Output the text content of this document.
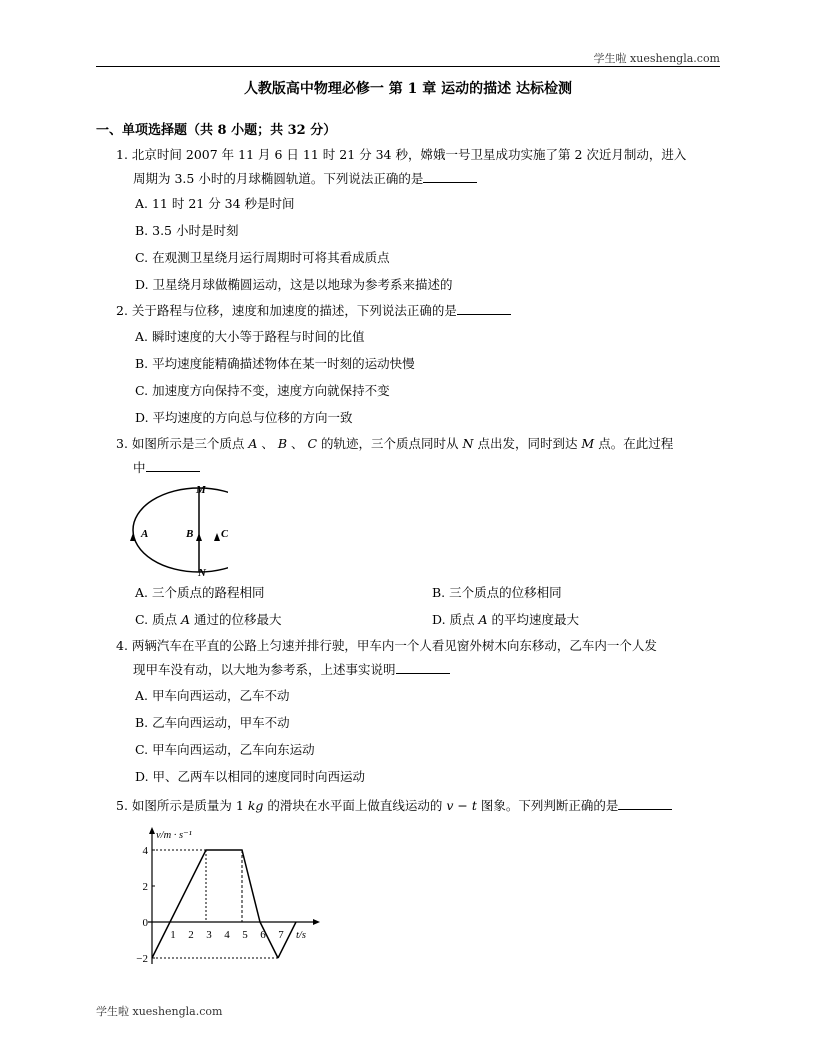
学生啦 xueshengla.com
人教版高中物理必修一 第 1 章 运动的描述 达标检测
一、单项选择题（共 8 小题；共 32 分）
1. 北京时间 2007 年 11 月 6 日 11 时 21 分 34 秒，嫦娥一号卫星成功实施了第 2 次近月制动，进入
周期为 3.5 小时的月球椭圆轨道。下列说法正确的是
A. 11 时 21 分 34 秒是时间
B. 3.5 小时是时刻
C. 在观测卫星绕月运行周期时可将其看成质点
D. 卫星绕月球做椭圆运动，这是以地球为参考系来描述的
2. 关于路程与位移，速度和加速度的描述，下列说法正确的是
A. 瞬时速度的大小等于路程与时间的比值
B. 平均速度能精确描述物体在某一时刻的运动快慢
C. 加速度方向保持不变，速度方向就保持不变
D. 平均速度的方向总与位移的方向一致
3. 如图所示是三个质点 A 、 B 、 C 的轨迹，三个质点同时从 N 点出发，同时到达 M 点。在此过程
中
M
N
A	B	C
A. 三个质点的路程相同	B. 三个质点的位移相同
C. 质点 A 通过的位移最大	D. 质点 A 的平均速度最大
4. 两辆汽车在平直的公路上匀速并排行驶，甲车内一个人看见窗外树木向东移动，乙车内一个人发
现甲车没有动，以大地为参考系，上述事实说明
A. 甲车向西运动，乙车不动
B. 乙车向西运动，甲车不动
C. 甲车向西运动，乙车向东运动
D. 甲、乙两车以相同的速度同时向西运动
5. 如图所示是质量为 1 kg 的滑块在水平面上做直线运动的 v − t 图象。下列判断正确的是
v/m · s⁻¹
t/s
4
2
0
−2
1 2 3 4 5 6 7
学生啦 xueshengla.com
